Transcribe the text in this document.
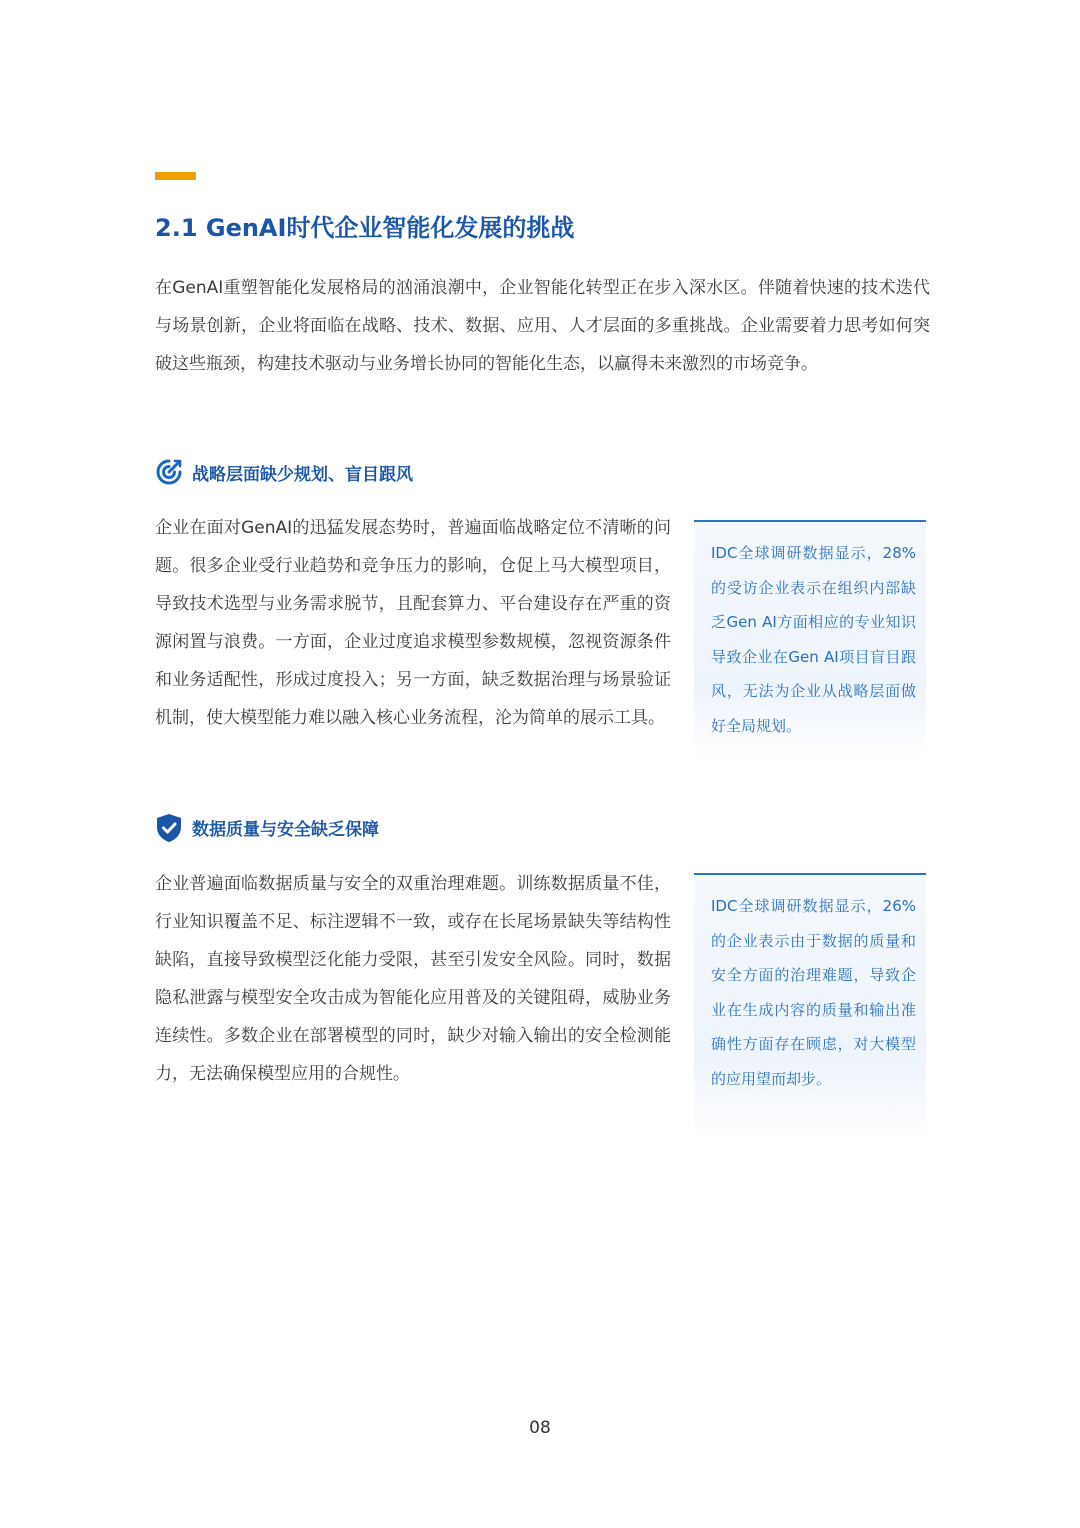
2.1 GenAI时代企业智能化发展的挑战

在GenAI重塑智能化发展格局的汹涌浪潮中，企业智能化转型正在步入深水区。伴随着快速的技术迭代与场景创新，企业将面临在战略、技术、数据、应用、人才层面的多重挑战。企业需要着力思考如何突破这些瓶颈，构建技术驱动与业务增长协同的智能化生态，以赢得未来激烈的市场竞争。

战略层面缺少规划、盲目跟风

企业在面对GenAI的迅猛发展态势时，普遍面临战略定位不清晰的问题。很多企业受行业趋势和竞争压力的影响，仓促上马大模型项目，导致技术选型与业务需求脱节，且配套算力、平台建设存在严重的资源闲置与浪费。一方面，企业过度追求模型参数规模，忽视资源条件和业务适配性，形成过度投入；另一方面，缺乏数据治理与场景验证机制，使大模型能力难以融入核心业务流程，沦为简单的展示工具。

IDC全球调研数据显示，28%的受访企业表示在组织内部缺乏Gen AI方面相应的专业知识导致企业在Gen AI项目盲目跟风，无法为企业从战略层面做好全局规划。

数据质量与安全缺乏保障

企业普遍面临数据质量与安全的双重治理难题。训练数据质量不佳，行业知识覆盖不足、标注逻辑不一致，或存在长尾场景缺失等结构性缺陷，直接导致模型泛化能力受限，甚至引发安全风险。同时，数据隐私泄露与模型安全攻击成为智能化应用普及的关键阻碍，威胁业务连续性。多数企业在部署模型的同时，缺少对输入输出的安全检测能力，无法确保模型应用的合规性。

IDC全球调研数据显示，26%的企业表示由于数据的质量和安全方面的治理难题，导致企业在生成内容的质量和输出准确性方面存在顾虑，对大模型的应用望而却步。

08
